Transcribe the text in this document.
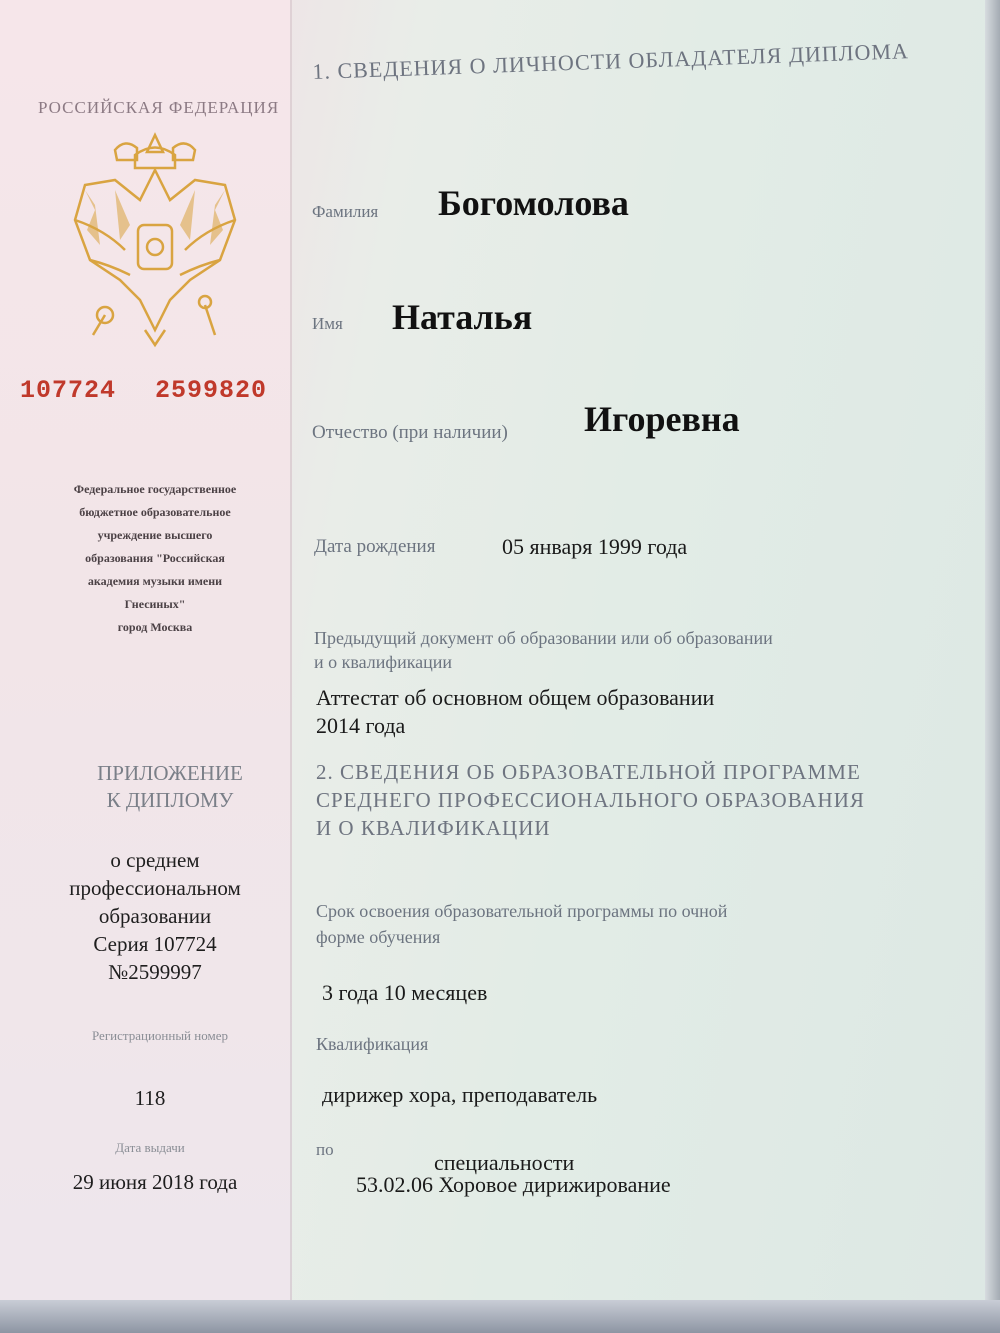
РОССИЙСКАЯ ФЕДЕРАЦИЯ
107724 2599820
Федеральное государственное
бюджетное образовательное
учреждение высшего
образования "Российская
академия музыки имени
Гнесиных"
город Москва
ПРИЛОЖЕНИЕ
К ДИПЛОМУ
о среднем
профессиональном
образовании
Серия 107724
№2599997
Регистрационный номер
118
Дата выдачи
29 июня 2018 года
1. СВЕДЕНИЯ О ЛИЧНОСТИ ОБЛАДАТЕЛЯ ДИПЛОМА
Фамилия Богомолова
Имя Наталья
Отчество (при наличии) Игоревна
Дата рождения	05 января 1999 года
Предыдущий документ об образовании или об образовании
и о квалификации
Аттестат об основном общем образовании
2014 года
2. СВЕДЕНИЯ ОБ ОБРАЗОВАТЕЛЬНОЙ ПРОГРАММЕ
СРЕДНЕГО ПРОФЕССИОНАЛЬНОГО ОБРАЗОВАНИЯ
И О КВАЛИФИКАЦИИ
Срок освоения образовательной программы по очной
форме обучения
3 года 10 месяцев
Квалификация
дирижер хора, преподаватель
по
специальности
53.02.06 Хоровое дирижирование
